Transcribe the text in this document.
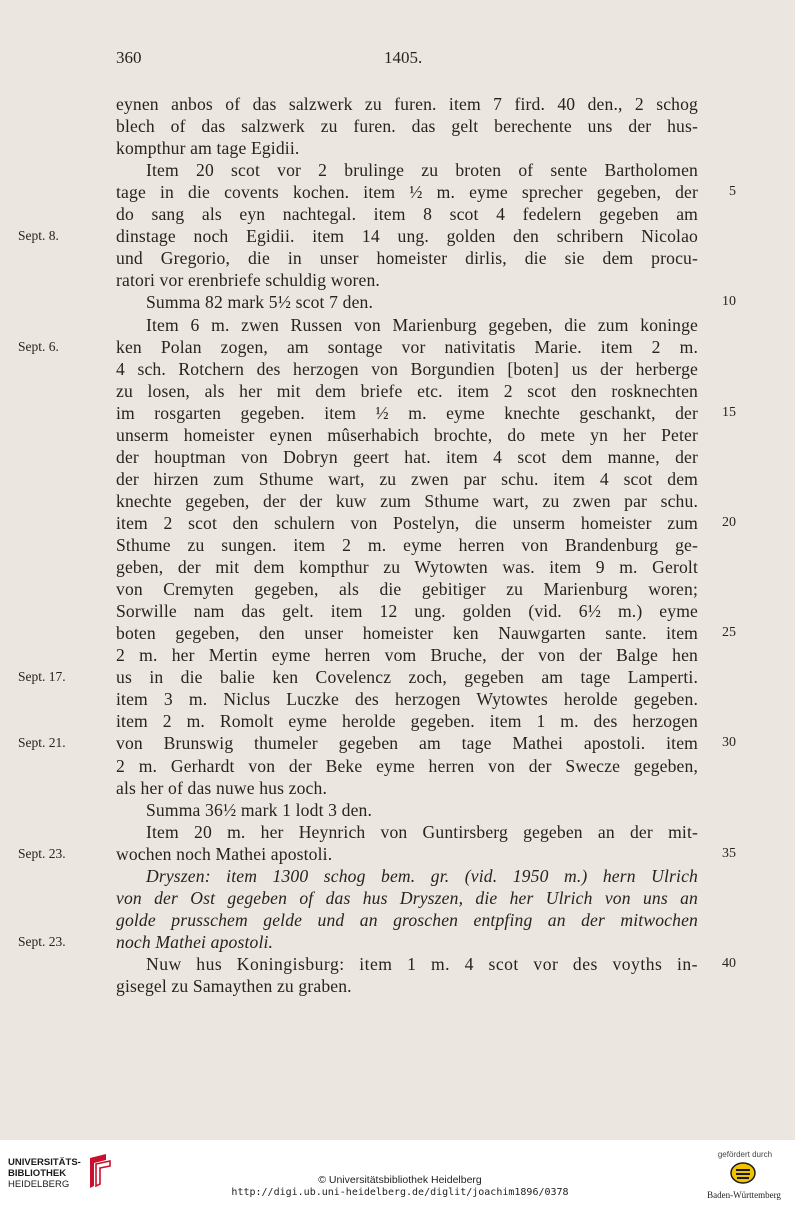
360	1405.
eynen anbos of das salzwerk zu furen. item 7 fird. 40 den., 2 schog
blech of das salzwerk zu furen. das gelt berechente uns der hus-
kompthur am tage Egidii.
Item 20 scot vor 2 brulinge zu broten of sente Bartholomen
tage in die covents kochen. item ½ m. eyme sprecher gegeben, der	5
do sang als eyn nachtegal. item 8 scot 4 fedelern gegeben am
dinstage noch Egidii. item 14 ung. golden den schribern Nicolao
Sept. 8.
und Gregorio, die in unser homeister dirlis, die sie dem procu-
ratori vor erenbriefe schuldig woren.
Summa 82 mark 5½ scot 7 den.	10
Item 6 m. zwen Russen von Marienburg gegeben, die zum koninge
ken Polan zogen, am sontage vor nativitatis Marie. item 2 m.
Sept. 6.
4 sch. Rotchern des herzogen von Borgundien [boten] us der herberge
zu losen, als her mit dem briefe etc. item 2 scot den rosknechten
im rosgarten gegeben. item ½ m. eyme knechte geschankt, der	15
unserm homeister eynen mûserhabich brochte, do mete yn her Peter
der houptman von Dobryn geert hat. item 4 scot dem manne, der
der hirzen zum Sthume wart, zu zwen par schu. item 4 scot dem
knechte gegeben, der der kuw zum Sthume wart, zu zwen par schu.
item 2 scot den schulern von Postelyn, die unserm homeister zum	20
Sthume zu sungen. item 2 m. eyme herren von Brandenburg ge-
geben, der mit dem kompthur zu Wytowten was. item 9 m. Gerolt
von Cremyten gegeben, als die gebitiger zu Marienburg woren;
Sorwille nam das gelt. item 12 ung. golden (vid. 6½ m.) eyme
boten gegeben, den unser homeister ken Nauwgarten sante. item	25
2 m. her Mertin eyme herren vom Bruche, der von der Balge hen
us in die balie ken Covelencz zoch, gegeben am tage Lamperti.
Sept. 17.
item 3 m. Niclus Luczke des herzogen Wytowtes herolde gegeben.
item 2 m. Romolt eyme herolde gegeben. item 1 m. des herzogen
von Brunswig thumeler gegeben am tage Mathei apostoli. item
Sept. 21.	30
2 m. Gerhardt von der Beke eyme herren von der Swecze gegeben,
als her of das nuwe hus zoch.
Summa 36½ mark 1 lodt 3 den.
Item 20 m. her Heynrich von Guntirsberg gegeben an der mit-
wochen noch Mathei apostoli.
Sept. 23.	35
Dryszen: item 1300 schog bem. gr. (vid. 1950 m.) hern Ulrich
von der Ost gegeben of das hus Dryszen, die her Ulrich von uns an
golde prusschem gelde und an groschen entpfing an der mitwochen
noch Mathei apostoli.
Sept. 23.
Nuw hus Koningisburg: item 1 m. 4 scot vor des voyths in-	40
gisegel zu Samaythen zu graben.
UNIVERSITÄTS-
BIBLIOTHEK
HEIDELBERG	© Universitätsbibliothek Heidelberg
http://digi.ub.uni-heidelberg.de/diglit/joachim1896/0378
gefördert durch
Baden-Württemberg
